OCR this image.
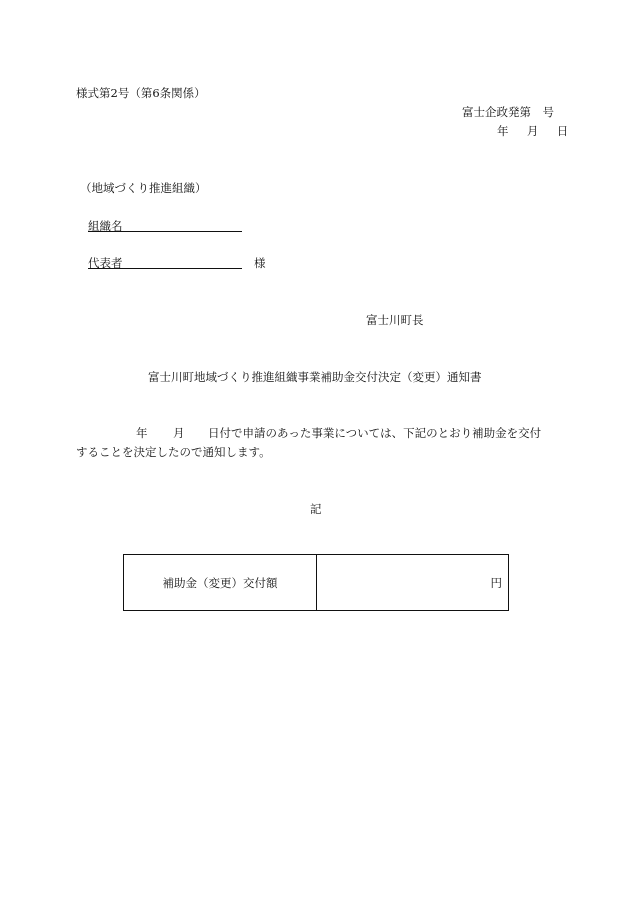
様式第2号（第6条関係）
富士企政発第　号
年　月　日
（地域づくり推進組織）
組織名
代表者	様
富士川町長
富士川町地域づくり推進組織事業補助金交付決定（変更）通知書
年 月 日付で申請のあった事業については、下記のとおり補助金を交付
することを決定したので通知します。
記
補助金（変更）交付額	円
